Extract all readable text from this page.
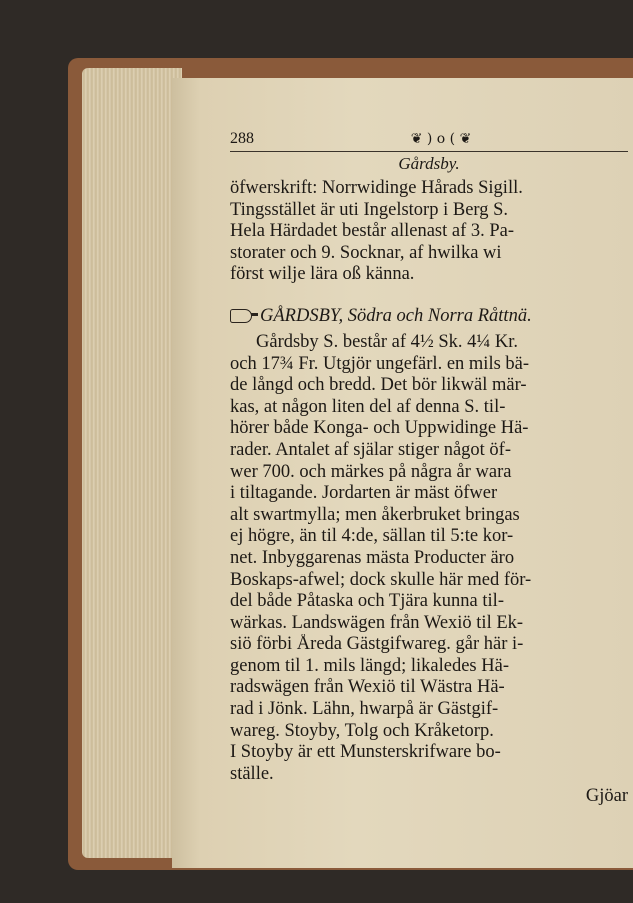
288	❦ ) o ( ❦
Gårdsby.
öfwerskrift: Norrwidinge Hårads Sigill.
Tingsstället är uti Ingelstorp i Berg S.
Hela Härdadet består allenast af 3. Pa-
storater och 9. Socknar, af hwilka wi
först wilje lära oß känna.
GÅRDSBY, Södra och Norra Råttnä.
Gårdsby S. består af 4½ Sk. 4¼ Kr.
och 17¾ Fr. Utgjör ungefärl. en mils bä-
de långd och bredd. Det bör likwäl mär-
kas, at någon liten del af denna S. til-
hörer både Konga- och Uppwidinge Hä-
rader. Antalet af själar stiger något öf-
wer 700. och märkes på några år wara
i tiltagande. Jordarten är mäst öfwer
alt swartmylla; men åkerbruket bringas
ej högre, än til 4:de, sällan til 5:te kor-
net. Inbyggarenas mästa Producter äro
Boskaps-afwel; dock skulle här med för-
del både Påtaska och Tjära kunna til-
wärkas. Landswägen från Wexiö til Ek-
siö förbi Åreda Gästgifwareg. går här i-
genom til 1. mils längd; likaledes Hä-
radswägen från Wexiö til Wästra Hä-
rad i Jönk. Lähn, hwarpå är Gästgif-
wareg. Stoyby, Tolg och Kråketorp.
I Stoyby är ett Munsterskrifware bo-
ställe.
Gjöar
